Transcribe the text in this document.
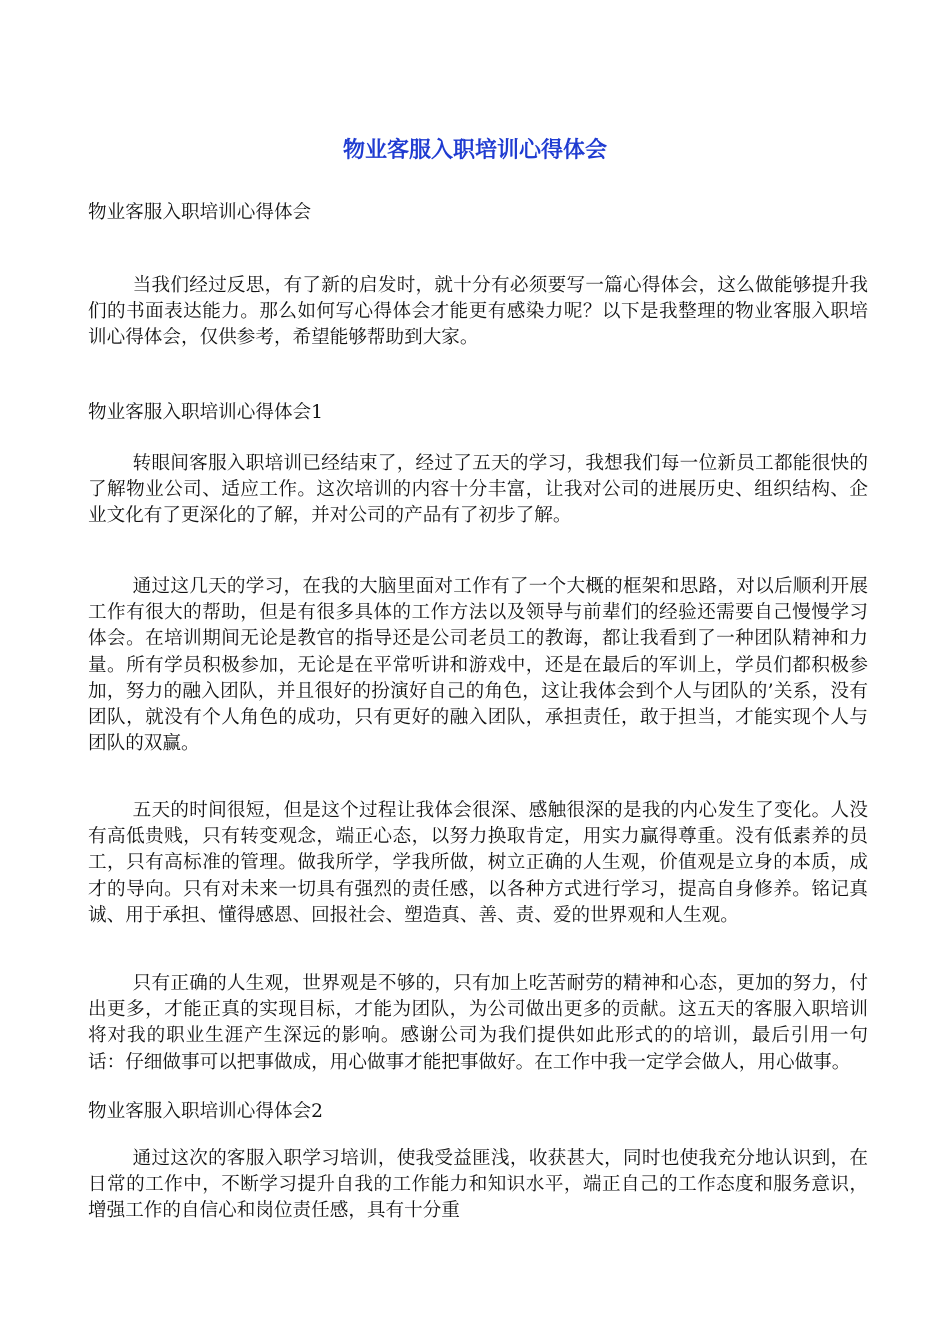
物业客服入职培训心得体会

物业客服入职培训心得体会

当我们经过反思，有了新的启发时，就十分有必须要写一篇心得体会，这么做能够提升我们的书面表达能力。那么如何写心得体会才能更有感染力呢？以下是我整理的物业客服入职培训心得体会，仅供参考，希望能够帮助到大家。

物业客服入职培训心得体会1

转眼间客服入职培训已经结束了，经过了五天的学习，我想我们每一位新员工都能很快的了解物业公司、适应工作。这次培训的内容十分丰富，让我对公司的进展历史、组织结构、企业文化有了更深化的了解，并对公司的产品有了初步了解。

通过这几天的学习，在我的大脑里面对工作有了一个大概的框架和思路，对以后顺利开展工作有很大的帮助，但是有很多具体的工作方法以及领导与前辈们的经验还需要自己慢慢学习体会。在培训期间无论是教官的指导还是公司老员工的教诲，都让我看到了一种团队精神和力量。所有学员积极参加，无论是在平常听讲和游戏中，还是在最后的军训上，学员们都积极参加，努力的融入团队，并且很好的扮演好自己的角色，这让我体会到个人与团队的’关系，没有团队，就没有个人角色的成功，只有更好的融入团队，承担责任，敢于担当，才能实现个人与团队的双赢。

五天的时间很短，但是这个过程让我体会很深、感触很深的是我的内心发生了变化。人没有高低贵贱，只有转变观念，端正心态，以努力换取肯定，用实力赢得尊重。没有低素养的员工，只有高标准的管理。做我所学，学我所做，树立正确的人生观，价值观是立身的本质，成才的导向。只有对未来一切具有强烈的责任感，以各种方式进行学习，提高自身修养。铭记真诚、用于承担、懂得感恩、回报社会、塑造真、善、责、爱的世界观和人生观。

只有正确的人生观，世界观是不够的，只有加上吃苦耐劳的精神和心态，更加的努力，付出更多，才能正真的实现目标，才能为团队，为公司做出更多的贡献。这五天的客服入职培训将对我的职业生涯产生深远的影响。感谢公司为我们提供如此形式的的培训，最后引用一句话：仔细做事可以把事做成，用心做事才能把事做好。在工作中我一定学会做人，用心做事。

物业客服入职培训心得体会2

通过这次的客服入职学习培训，使我受益匪浅，收获甚大，同时也使我充分地认识到，在日常的工作中，不断学习提升自我的工作能力和知识水平，端正自己的工作态度和服务意识，增强工作的自信心和岗位责任感，具有十分重
